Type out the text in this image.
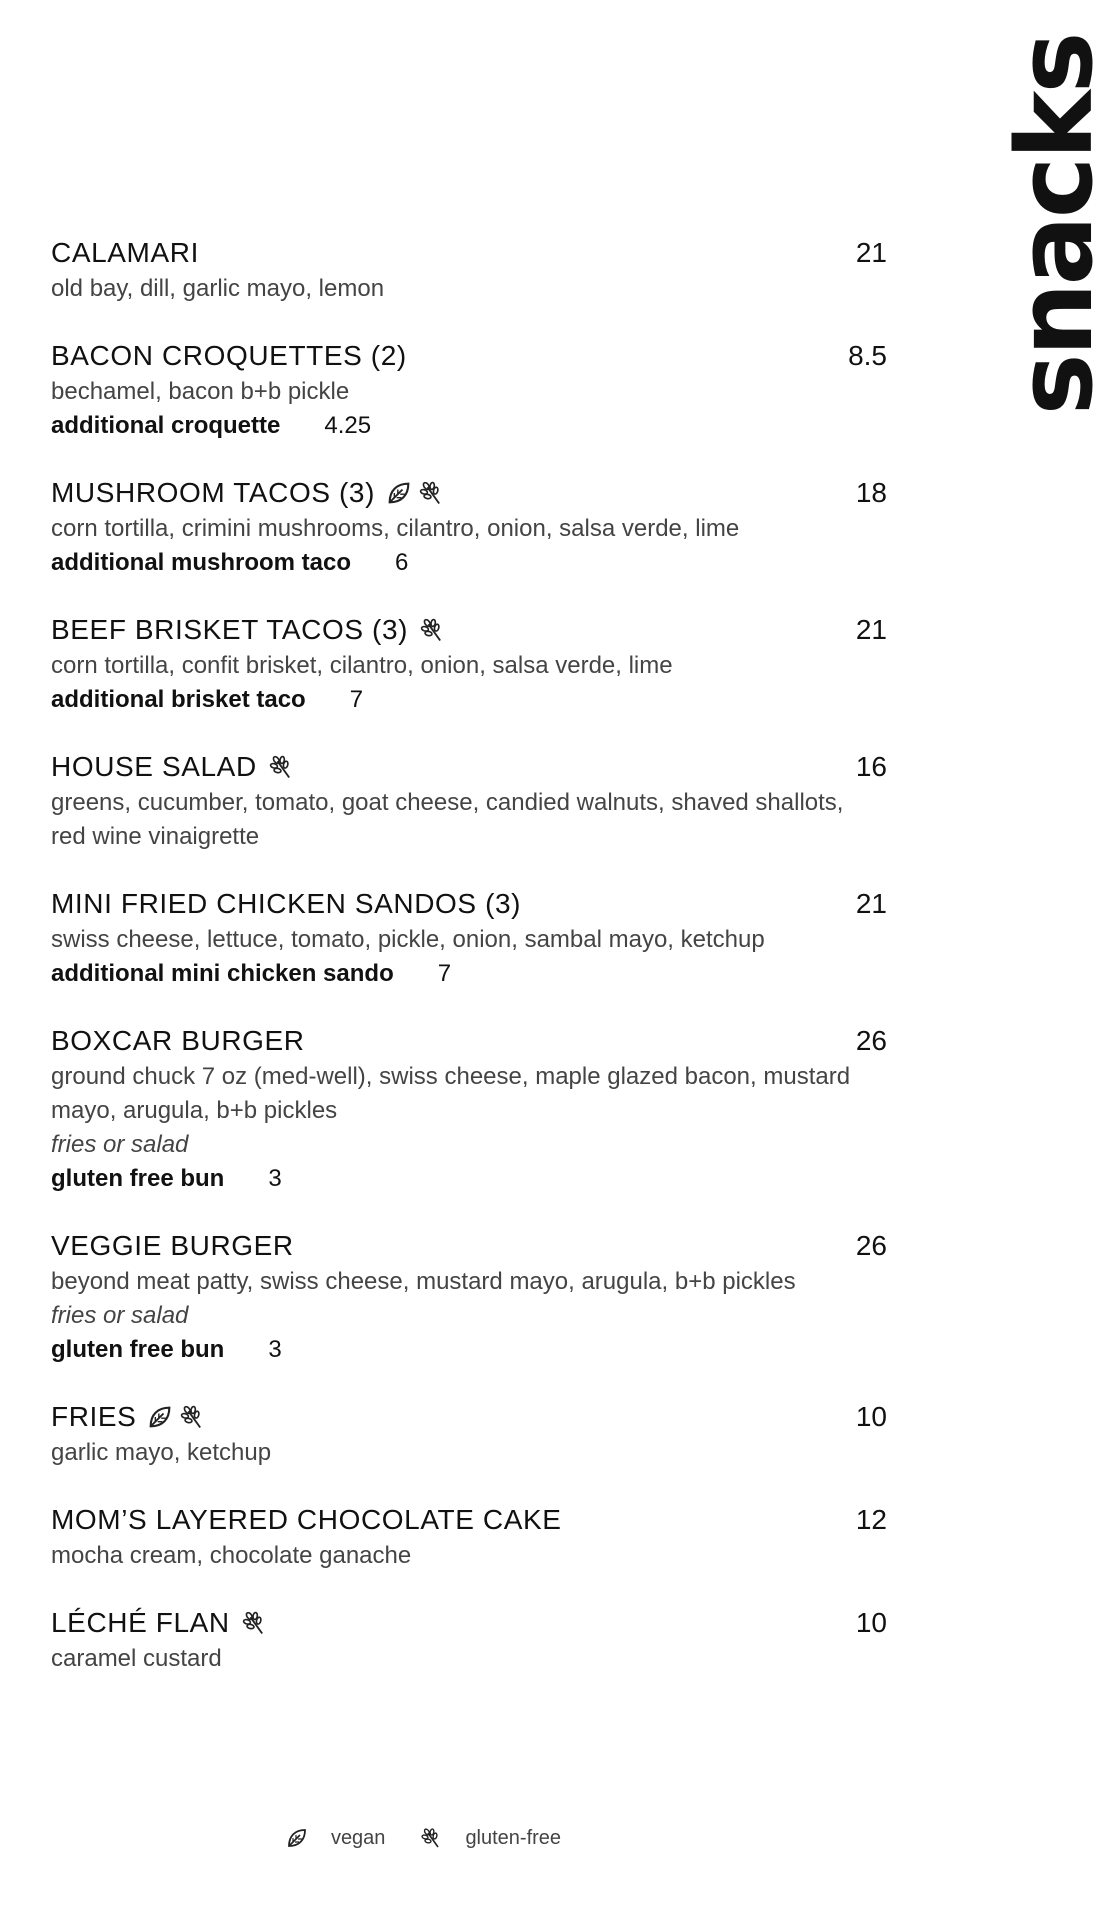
snacks
CALAMARI	21
old bay, dill, garlic mayo, lemon
BACON CROQUETTES (2)	8.5
bechamel, bacon b+b pickle
additional croquette 4.25
MUSHROOM TACOS (3)	18
corn tortilla, crimini mushrooms, cilantro, onion, salsa verde, lime
additional mushroom taco 6
BEEF BRISKET TACOS (3)	21
corn tortilla, confit brisket, cilantro, onion, salsa verde, lime
additional brisket taco 7
HOUSE SALAD	16
greens, cucumber, tomato, goat cheese, candied walnuts, shaved shallots,
red wine vinaigrette
MINI FRIED CHICKEN SANDOS (3)	21
swiss cheese, lettuce, tomato, pickle, onion, sambal mayo, ketchup
additional mini chicken sando 7
BOXCAR BURGER	26
ground chuck 7 oz (med-well), swiss cheese, maple glazed bacon, mustard
mayo, arugula, b+b pickles
fries or salad
gluten free bun 3
VEGGIE BURGER	26
beyond meat patty, swiss cheese, mustard mayo, arugula, b+b pickles
fries or salad
gluten free bun 3
FRIES	10
garlic mayo, ketchup
MOM’S LAYERED CHOCOLATE CAKE	12
mocha cream, chocolate ganache
LÉCHÉ FLAN	10
caramel custard
vegan	gluten-free
